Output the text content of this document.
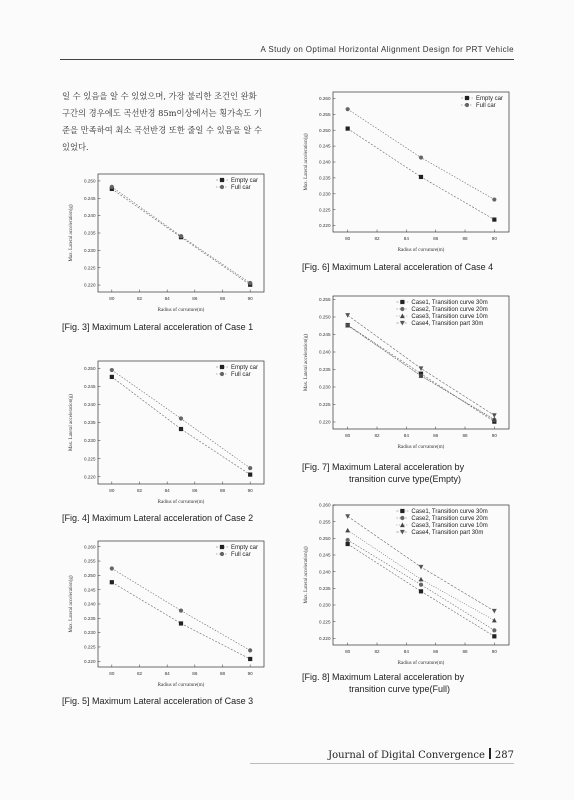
A Study on Optimal Horizontal Alignment Design for PRT Vehicle
일 수 있음을 알 수 있었으며, 가장 불리한 조건인 완화
구간의 경우에도 곡선반경 85m이상에서는 횡가속도 기
준을 만족하여 최소 곡선반경 또한 줄일 수 있음을 알 수
있었다.
0.220
0.225
0.230
0.235
0.240
0.245
0.250
80	82	84	86	88	90
Radius of curvature(m)
Max. Lateral acceleration(g)
Empty car
Full car
[Fig. 3] Maximum Lateral acceleration of Case 1
0.220
0.225
0.230
0.235
0.240
0.245
0.250
80	82	84	86	88	90
Radius of curvature(m)
Max. Lateral acceleration(g)
Empty car
Full car
[Fig. 4] Maximum Lateral acceleration of Case 2
0.220
0.225
0.230
0.235
0.240
0.245
0.250
0.255
0.260
80	82	84	86	88	90
Radius of curvature(m)
Max. Lateral acceleration(g)
Empty car
Full car
[Fig. 5] Maximum Lateral acceleration of Case 3
0.220
0.225
0.230
0.235
0.240
0.245
0.250
0.255
0.260
80	82	84	86	88	90
Radius of curvature(m)
Max. Lateral acceleration(g)
Empty car
Full car
[Fig. 6] Maximum Lateral acceleration of Case 4
0.220
0.225
0.230
0.235
0.240
0.245
0.250
0.255
80	82	84	86	88	90
Radius of curvature(m)
Max. Lateral acceleration(g)
Case1, Transition curve 30m
Case2, Transition curve 20m
Case3, Transition curve 10m
Case4, Transition part 30m
[Fig. 7] Maximum Lateral acceleration by
transition curve type(Empty)
0.220
0.225
0.230
0.235
0.240
0.245
0.250
0.255
0.260
80	82	84	86	88	90
Radius of curvature(m)
Max. Lateral acceleration(g)
Case1, Transition curve 30m
Case2, Transition curve 20m
Case3, Transition curve 10m
Case4, Transition part 30m
[Fig. 8] Maximum Lateral acceleration by
transition curve type(Full)
Journal of Digital Convergence 287
